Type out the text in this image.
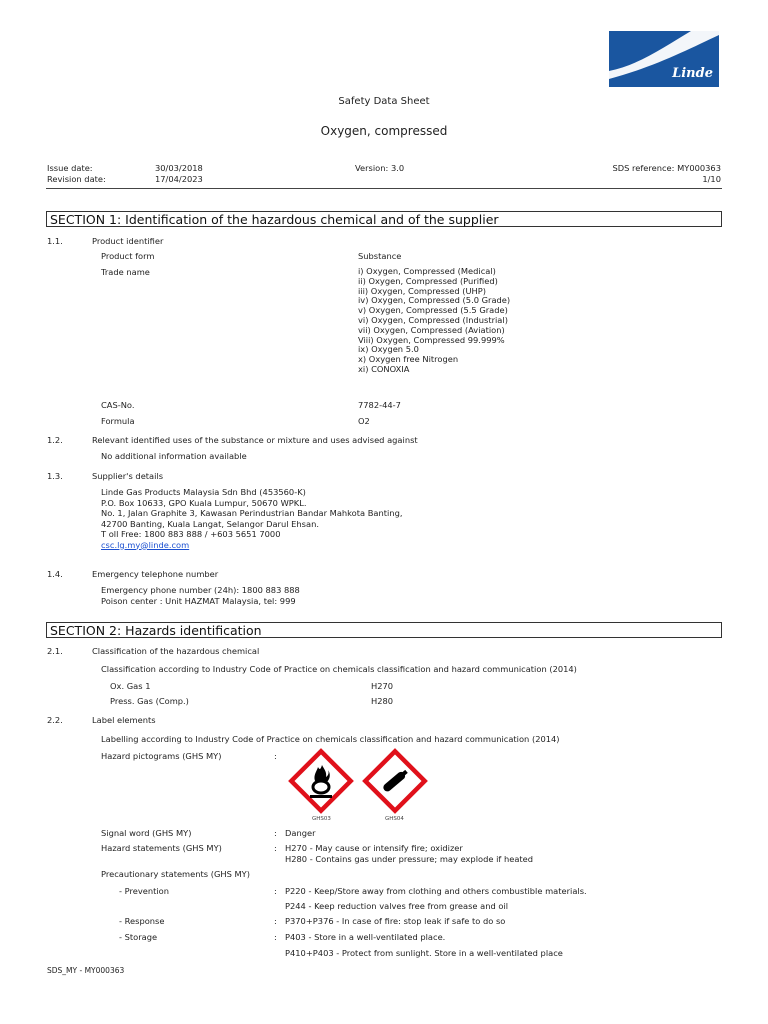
Linde
Safety Data Sheet
Oxygen, compressed
Issue date:	30/03/2018	Version: 3.0	SDS reference: MY000363
Revision date:	17/04/2023	1/10
SECTION 1: Identification of the hazardous chemical and of the supplier
1.1.	Product identifier
Product form	Substance
Trade name	i) Oxygen, Compressed (Medical)
ii) Oxygen, Compressed (Purified)
iii) Oxygen, Compressed (UHP)
iv) Oxygen, Compressed (5.0 Grade)
v) Oxygen, Compressed (5.5 Grade)
vi) Oxygen, Compressed (Industrial)
vii) Oxygen, Compressed (Aviation)
Viii) Oxygen, Compressed 99.999%
ix) Oxygen 5.0
x) Oxygen free Nitrogen
xi) CONOXIA
CAS-No.	7782-44-7
Formula	O2
1.2.	Relevant identified uses of the substance or mixture and uses advised against
No additional information available
1.3.	Supplier's details
Linde Gas Products Malaysia Sdn Bhd (453560-K)
P.O. Box 10633, GPO Kuala Lumpur, 50670 WPKL.
No. 1, Jalan Graphite 3, Kawasan Perindustrian Bandar Mahkota Banting,
42700 Banting, Kuala Langat, Selangor Darul Ehsan.
T oll Free: 1800 883 888 / +603 5651 7000
csc.lg.my@linde.com
1.4.	Emergency telephone number
Emergency phone number (24h): 1800 883 888
Poison center : Unit HAZMAT Malaysia, tel: 999
SECTION 2: Hazards identification
2.1.	Classification of the hazardous chemical
Classification according to Industry Code of Practice on chemicals classification and hazard communication (2014)
Ox. Gas 1	H270
Press. Gas (Comp.)	H280
2.2.	Label elements
Labelling according to Industry Code of Practice on chemicals classification and hazard communication (2014)
Hazard pictograms (GHS MY)	:
GHS03	GHS04
Signal word (GHS MY)	: Danger
Hazard statements (GHS MY)	: H270 - May cause or intensify fire; oxidizer
H280 - Contains gas under pressure; may explode if heated
Precautionary statements (GHS MY)
- Prevention	: P220 - Keep/Store away from clothing and others combustible materials.
P244 - Keep reduction valves free from grease and oil
- Response	: P370+P376 - In case of fire: stop leak if safe to do so
- Storage	: P403 - Store in a well-ventilated place.
P410+P403 - Protect from sunlight. Store in a well-ventilated place
SDS_MY - MY000363
